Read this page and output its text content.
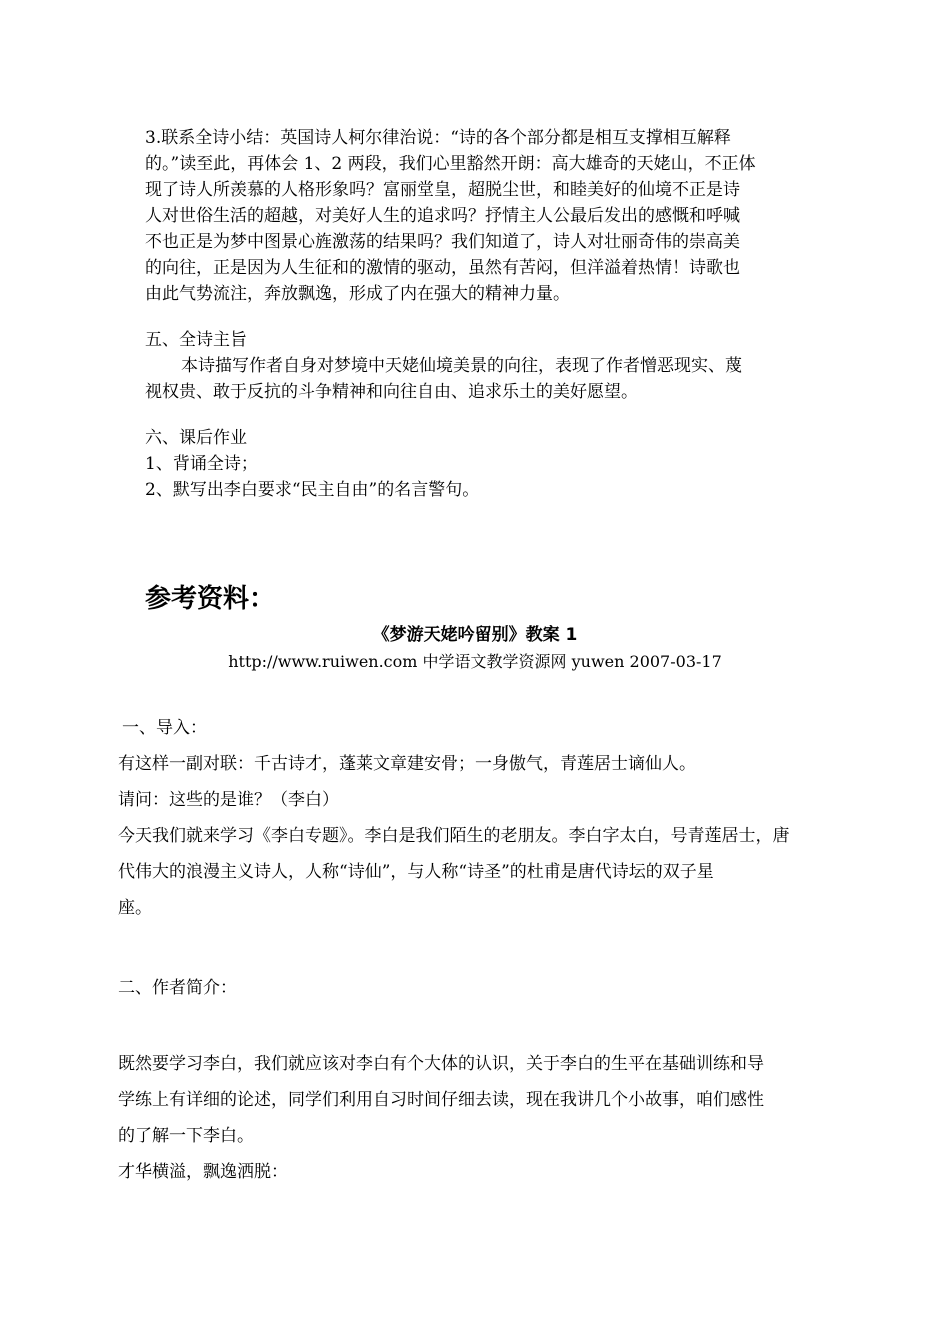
3.联系全诗小结：英国诗人柯尔律治说：“诗的各个部分都是相互支撑相互解释

的。”读至此，再体会 1、2 两段，我们心里豁然开朗：高大雄奇的天姥山，不正体

现了诗人所羡慕的人格形象吗？富丽堂皇，超脱尘世，和睦美好的仙境不正是诗

人对世俗生活的超越，对美好人生的追求吗？抒情主人公最后发出的感慨和呼喊

不也正是为梦中图景心旌激荡的结果吗？我们知道了，诗人对壮丽奇伟的崇高美

的向往，正是因为人生征和的激情的驱动，虽然有苦闷，但洋溢着热情！诗歌也

由此气势流注，奔放飘逸，形成了内在强大的精神力量。

五、全诗主旨

本诗描写作者自身对梦境中天姥仙境美景的向往，表现了作者憎恶现实、蔑

视权贵、敢于反抗的斗争精神和向往自由、追求乐土的美好愿望。

六、课后作业

1、背诵全诗；

2、默写出李白要求“民主自由”的名言警句。

参考资料：
《梦游天姥吟留别》教案 1
http://www.ruiwen.com 中学语文教学资源网 yuwen 2007-03-17

一、导入：

有这样一副对联：千古诗才，蓬莱文章建安骨；一身傲气，青莲居士谪仙人。

请问：这些的是谁？（李白）

今天我们就来学习《李白专题》。李白是我们陌生的老朋友。李白字太白，号青莲居士，唐

代伟大的浪漫主义诗人，人称“诗仙”，与人称“诗圣”的杜甫是唐代诗坛的双子星

座。

二、作者简介：

既然要学习李白，我们就应该对李白有个大体的认识，关于李白的生平在基础训练和导

学练上有详细的论述，同学们利用自习时间仔细去读，现在我讲几个小故事，咱们感性

的了解一下李白。

才华横溢，飘逸洒脱：
